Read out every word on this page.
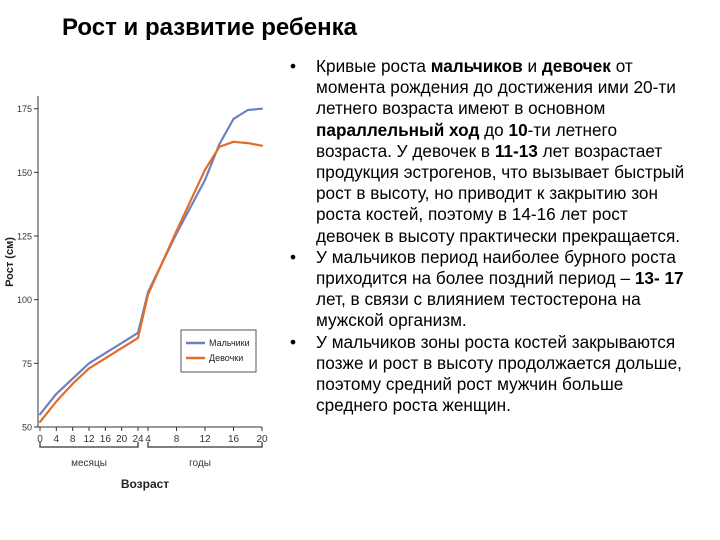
Рост и развитие ребенка
Рост (см)
Возраст
50
75
100
125
150
175
0 4 8 12 16 20 24 4 8 12 16 20
Мальчики
Девочки
месяцы	годы
• Кривые роста мальчиков и девочек от момента рождения до достижения ими 20-ти летнего возраста имеют в основном параллельный ход до 10-ти летнего возраста. У девочек в 11-13 лет возрастает продукция эстрогенов, что вызывает быстрый рост в высоту, но приводит к закрытию зон роста костей, поэтому в 14-16 лет рост девочек в высоту практически прекращается.
• У мальчиков период наиболее бурного роста приходится на более поздний период – 13- 17 лет, в связи с влиянием тестостерона на мужской организм.
• У мальчиков зоны роста костей закрываются позже и рост в высоту продолжается дольше, поэтому средний рост мужчин больше среднего роста женщин.
